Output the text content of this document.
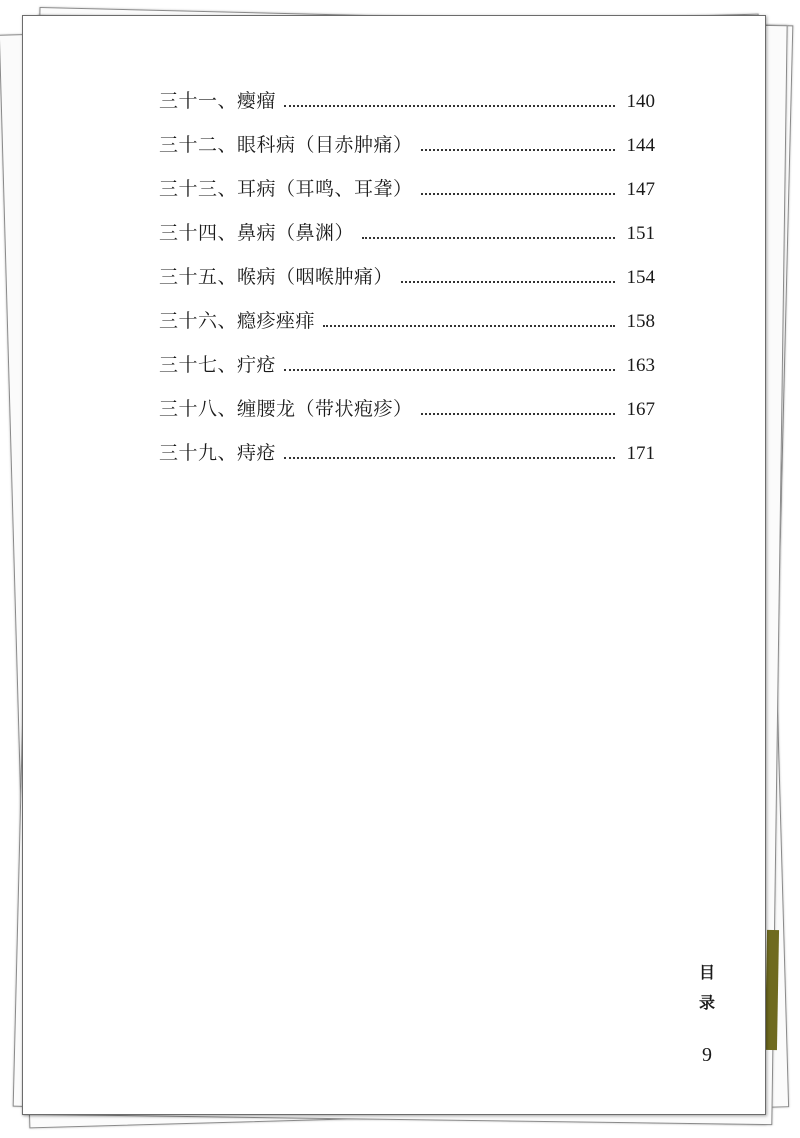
三十一、瘿瘤	140
三十二、眼科病（目赤肿痛）	144
三十三、耳病（耳鸣、耳聋）	147
三十四、鼻病（鼻渊）	151
三十五、喉病（咽喉肿痛）	154
三十六、瘾疹痤痱	158
三十七、疔疮	163
三十八、缠腰龙（带状疱疹）	167
三十九、痔疮	171
目
录
9
